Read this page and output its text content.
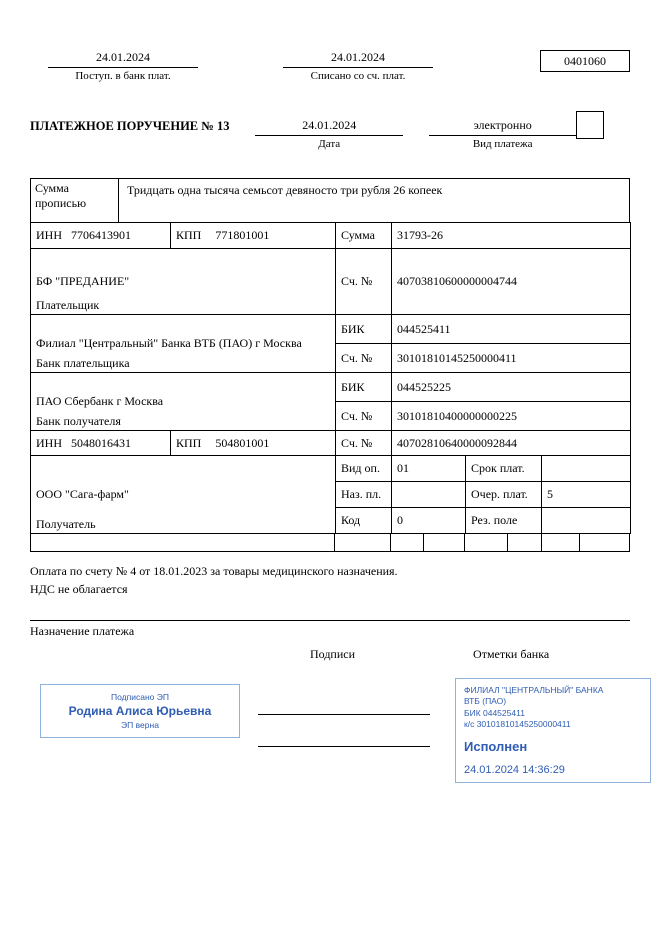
24.01.2024
Поступ. в банк плат.
24.01.2024
Списано со сч. плат.
0401060
ПЛАТЕЖНОЕ ПОРУЧЕНИЕ № 13	24.01.2024
Дата
электронно
Вид платежа
Сумма
прописью
Тридцать одна тысяча семьсот девяносто три рубля 26 копеек
ИНН 7706413901	КПП 771801001	Сумма	31793-26		

БФ "ПРЕДАНИЕ"
Плательщик		Сч. №	40703810600000004744		

Филиал "Центральный" Банка ВТБ (ПАО) г Москва
Банк плательщика		БИК	044525411		
		Сч. №	30101810145250000411		

ПАО Сбербанк г Москва
Банк получателя		БИК	044525225		
		Сч. №	30101810400000000225		
ИНН 5048016431	КПП 504801001	Сч. №	40702810640000092844		

ООО "Сага-фарм"
Получатель		Вид оп.	01	Срок плат.	
		Наз. пл.		Очер. плат.	5
		Код	0	Рез. поле	
Оплата по счету № 4 от 18.01.2023 за товары медицинского назначения.
НДС не облагается
Назначение платежа
Подписи	Отметки банка
Подписано ЭП
Родина Алиса Юрьевна
ЭП верна
ФИЛИАЛ "ЦЕНТРАЛЬНЫЙ" БАНКА
ВТБ (ПАО)
БИК 044525411
к/с 30101810145250000411
Исполнен
24.01.2024 14:36:29
